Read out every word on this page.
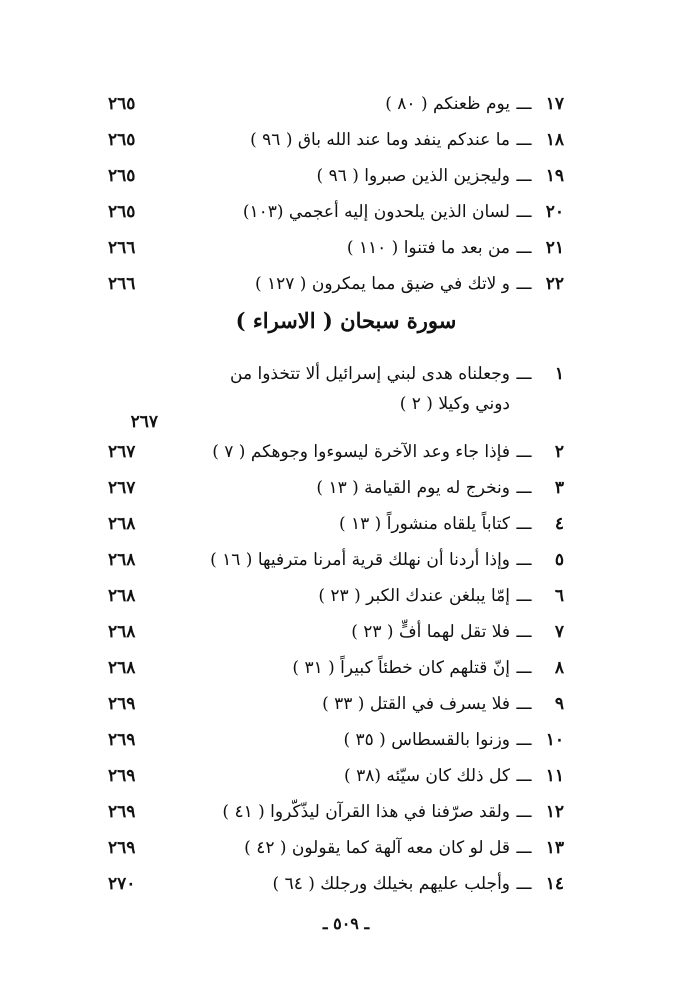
١٧
ـــ
يوم ظعنكم ( ٨٠ )
١٨
ـــ
ما عندكم ينفد وما عند الله باق ( ٩٦ )
١٩
ـــ
وليجزين الذين صبروا ( ٩٦ )
٢٠
ـــ
لسان الذين يلحدون إليه أعجمي (١٠٣)
٢١
ـــ
من بعد ما فتنوا ( ١١٠ )
٢٢
ـــ
و لاتك في ضيق مما يمكرون ( ١٢٧ )
٢٦٥
٢٦٥
٢٦٥
٢٦٥
٢٦٦
٢٦٦
سورة سبحان ( الاسراء )
١
ـــ
وجعلناه هدى لبني إسرائيل ألا تتخذوا من
دوني وكيلا ( ٢ )
٢
ـــ
فإذا جاء وعد الآخرة ليسوءوا وجوهكم ( ٧ )
٣
ـــ
ونخرج له يوم القيامة ( ١٣ )
٤
ـــ
كتاباً يلقاه منشوراً ( ١٣ )
٥
ـــ
وإذا أردنا أن نهلك قرية أمرنا مترفيها ( ١٦ )
٦
ـــ
إمّا يبلغن عندك الكبر ( ٢٣ )
٧
ـــ
فلا تقل لهما أفٍّ ( ٢٣ )
٨
ـــ
إنّ قتلهم كان خطئاً كبيراً ( ٣١ )
٩
ـــ
فلا يسرف في القتل ( ٣٣ )
١٠
ـــ
وزنوا بالقسطاس ( ٣٥ )
١١
ـــ
كل ذلك كان سيّئه (٣٨ )
١٢
ـــ
ولقد صرّفنا في هذا القرآن ليذّكّروا ( ٤١ )
١٣
ـــ
قل لو كان معه آلهة كما يقولون ( ٤٢ )
١٤
ـــ
وأجلب عليهم بخيلك ورجلك ( ٦٤ )
٢٦٧
٢٦٧
٢٦٧
٢٦٨
٢٦٨
٢٦٨
٢٦٨
٢٦٨
٢٦٩
٢٦٩
٢٦٩
٢٦٩
٢٦٩
٢٧٠
ـ ٥٠٩ ـ
